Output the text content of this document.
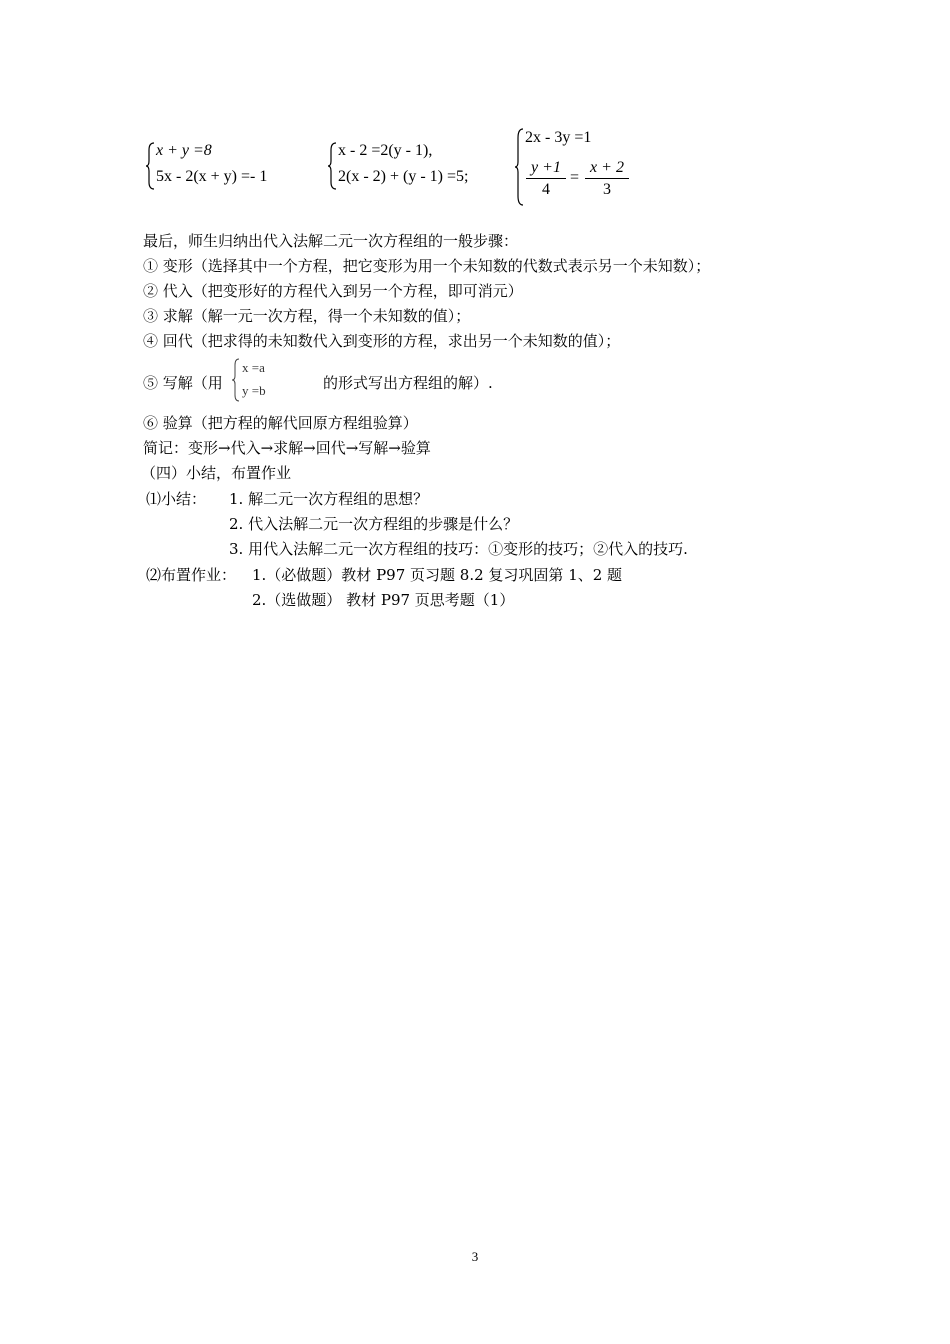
x + y =8
5x - 2(x + y) =- 1
x - 2 =2(y - 1),
2(x - 2) + (y - 1) =5;
2x - 3y =1
$\frac{y +1}{4} = \frac{x + 2}{3}$
最后，师生归纳出代入法解二元一次方程组的一般步骤：
① 变形（选择其中一个方程，把它变形为用一个未知数的代数式表示另一个未知数）；
② 代入（把变形好的方程代入到另一个方程，即可消元）
③ 求解（解一元一次方程，得一个未知数的值）；
④ 回代（把求得的未知数代入到变形的方程，求出另一个未知数的值）；
⑤ 写解（用
x =a
y =b	的形式写出方程组的解）.
⑥ 验算（把方程的解代回原方程组验算）
简记：变形→代入→求解→回代→写解→验算
（四）小结，布置作业
⑴小结： 1. 解二元一次方程组的思想？
2. 代入法解二元一次方程组的步骤是什么？
3. 用代入法解二元一次方程组的技巧：①变形的技巧；②代入的技巧.
⑵布置作业： 1.（必做题）教材 P97 页习题 8.2 复习巩固第 1、2 题
2.（选做题） 教材 P97 页思考题（1）
3
